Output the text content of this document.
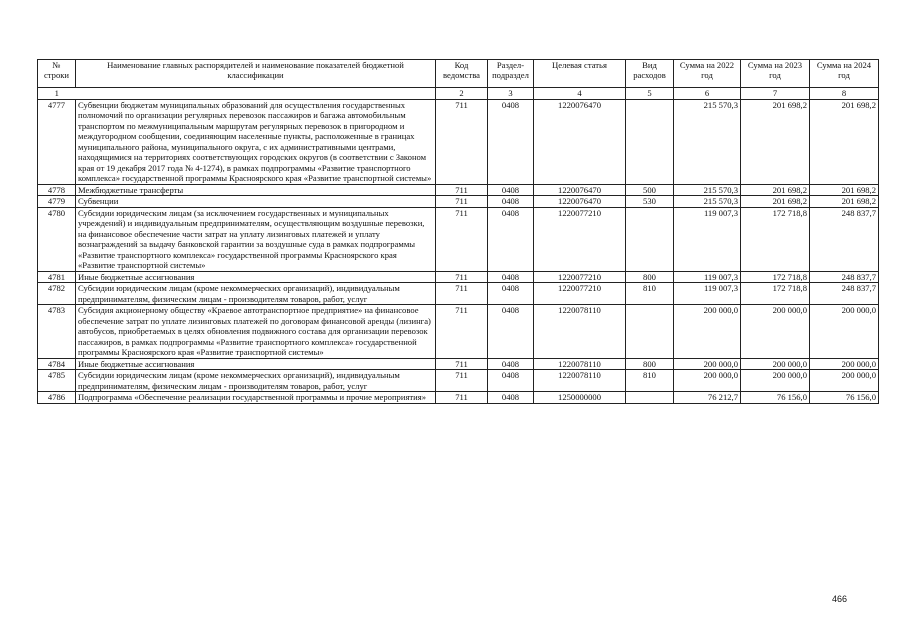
№ строки	Наименование главных распорядителей и наименование показателей бюджетной классификации	Код ведомства	Раздел-подраздел	Целевая статья	Вид расходов	Сумма на 2022 год	Сумма на 2023 год	Сумма на 2024 год
1		2	3	4	5	6	7	8
4777	Субвенции бюджетам муниципальных образований для осуществления государственных полномочий по организации регулярных перевозок пассажиров и багажа автомобильным транспортом по межмуниципальным маршрутам регулярных перевозок в пригородном и междугородном сообщении, соединяющим населенные пункты, расположенные в границах муниципального района, муниципального округа, с их административными центрами, находящимися на территориях соответствующих городских округов (в соответствии с Законом края от 19 декабря 2017 года № 4-1274), в рамках подпрограммы «Развитие транспортного комплекса» государственной программы Красноярского края «Развитие транспортной системы»	711	0408	1220076470		215 570,3	201 698,2	201 698,2
4778	Межбюджетные трансферты	711	0408	1220076470	500	215 570,3	201 698,2	201 698,2
4779	Субвенции	711	0408	1220076470	530	215 570,3	201 698,2	201 698,2
4780	Субсидии юридическим лицам (за исключением государственных и муниципальных учреждений) и индивидуальным предпринимателям, осуществляющим воздушные перевозки, на финансовое обеспечение части затрат на уплату лизинговых платежей и уплату вознаграждений за выдачу банковской гарантии за воздушные суда в рамках подпрограммы «Развитие транспортного комплекса» государственной программы Красноярского края «Развитие транспортной системы»	711	0408	1220077210		119 007,3	172 718,8	248 837,7
4781	Иные бюджетные ассигнования	711	0408	1220077210	800	119 007,3	172 718,8	248 837,7
4782	Субсидии юридическим лицам (кроме некоммерческих организаций), индивидуальным предпринимателям, физическим лицам - производителям товаров, работ, услуг	711	0408	1220077210	810	119 007,3	172 718,8	248 837,7
4783	Субсидия акционерному обществу «Краевое автотранспортное предприятие» на финансовое обеспечение затрат по уплате лизинговых платежей по договорам финансовой аренды (лизинга) автобусов, приобретаемых в целях обновления подвижного состава для организации перевозок пассажиров, в рамках подпрограммы «Развитие транспортного комплекса» государственной программы Красноярского края «Развитие транспортной системы»	711	0408	1220078110		200 000,0	200 000,0	200 000,0
4784	Иные бюджетные ассигнования	711	0408	1220078110	800	200 000,0	200 000,0	200 000,0
4785	Субсидии юридическим лицам (кроме некоммерческих организаций), индивидуальным предпринимателям, физическим лицам - производителям товаров, работ, услуг	711	0408	1220078110	810	200 000,0	200 000,0	200 000,0
4786	Подпрограмма «Обеспечение реализации государственной программы и прочие мероприятия»	711	0408	1250000000		76 212,7	76 156,0	76 156,0
466
